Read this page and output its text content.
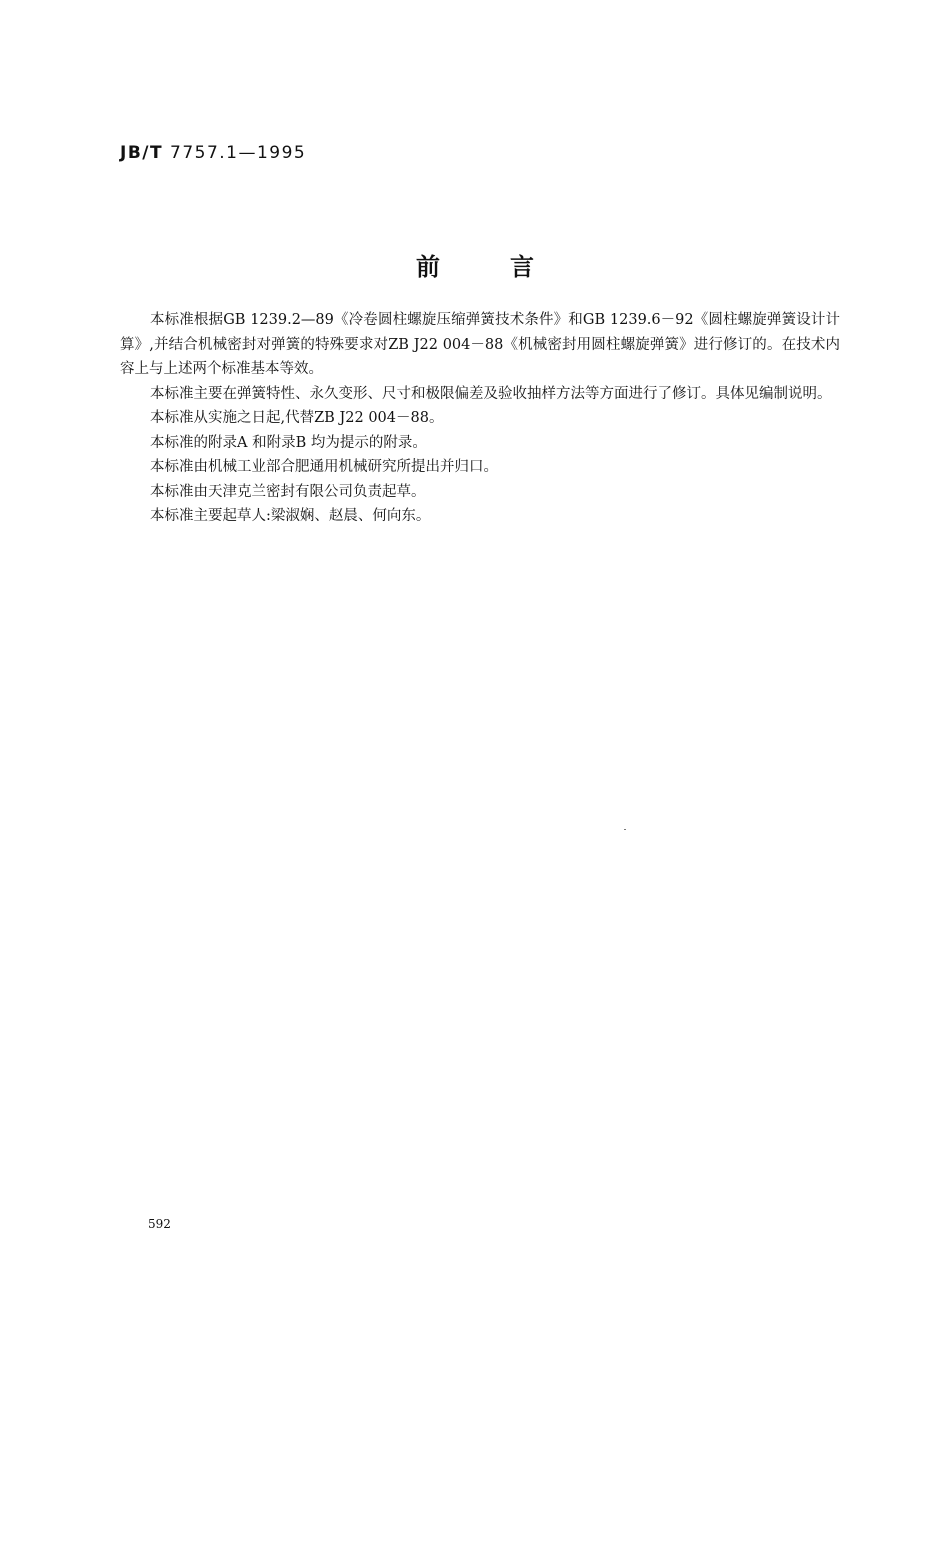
JB/T 7757.1—1995
前	言

本标准根据GB 1239.2—89《冷卷圆柱螺旋压缩弹簧技术条件》和GB 1239.6－92《圆柱螺旋弹簧设计计算》,并结合机械密封对弹簧的特殊要求对ZB J22 004－88《机械密封用圆柱螺旋弹簧》进行修订的。在技术内容上与上述两个标准基本等效。

本标准主要在弹簧特性、永久变形、尺寸和极限偏差及验收抽样方法等方面进行了修订。具体见编制说明。

本标准从实施之日起,代替ZB J22 004－88。

本标准的附录A 和附录B 均为提示的附录。

本标准由机械工业部合肥通用机械研究所提出并归口。

本标准由天津克兰密封有限公司负责起草。

本标准主要起草人:梁淑娴、赵晨、何向东。

592
